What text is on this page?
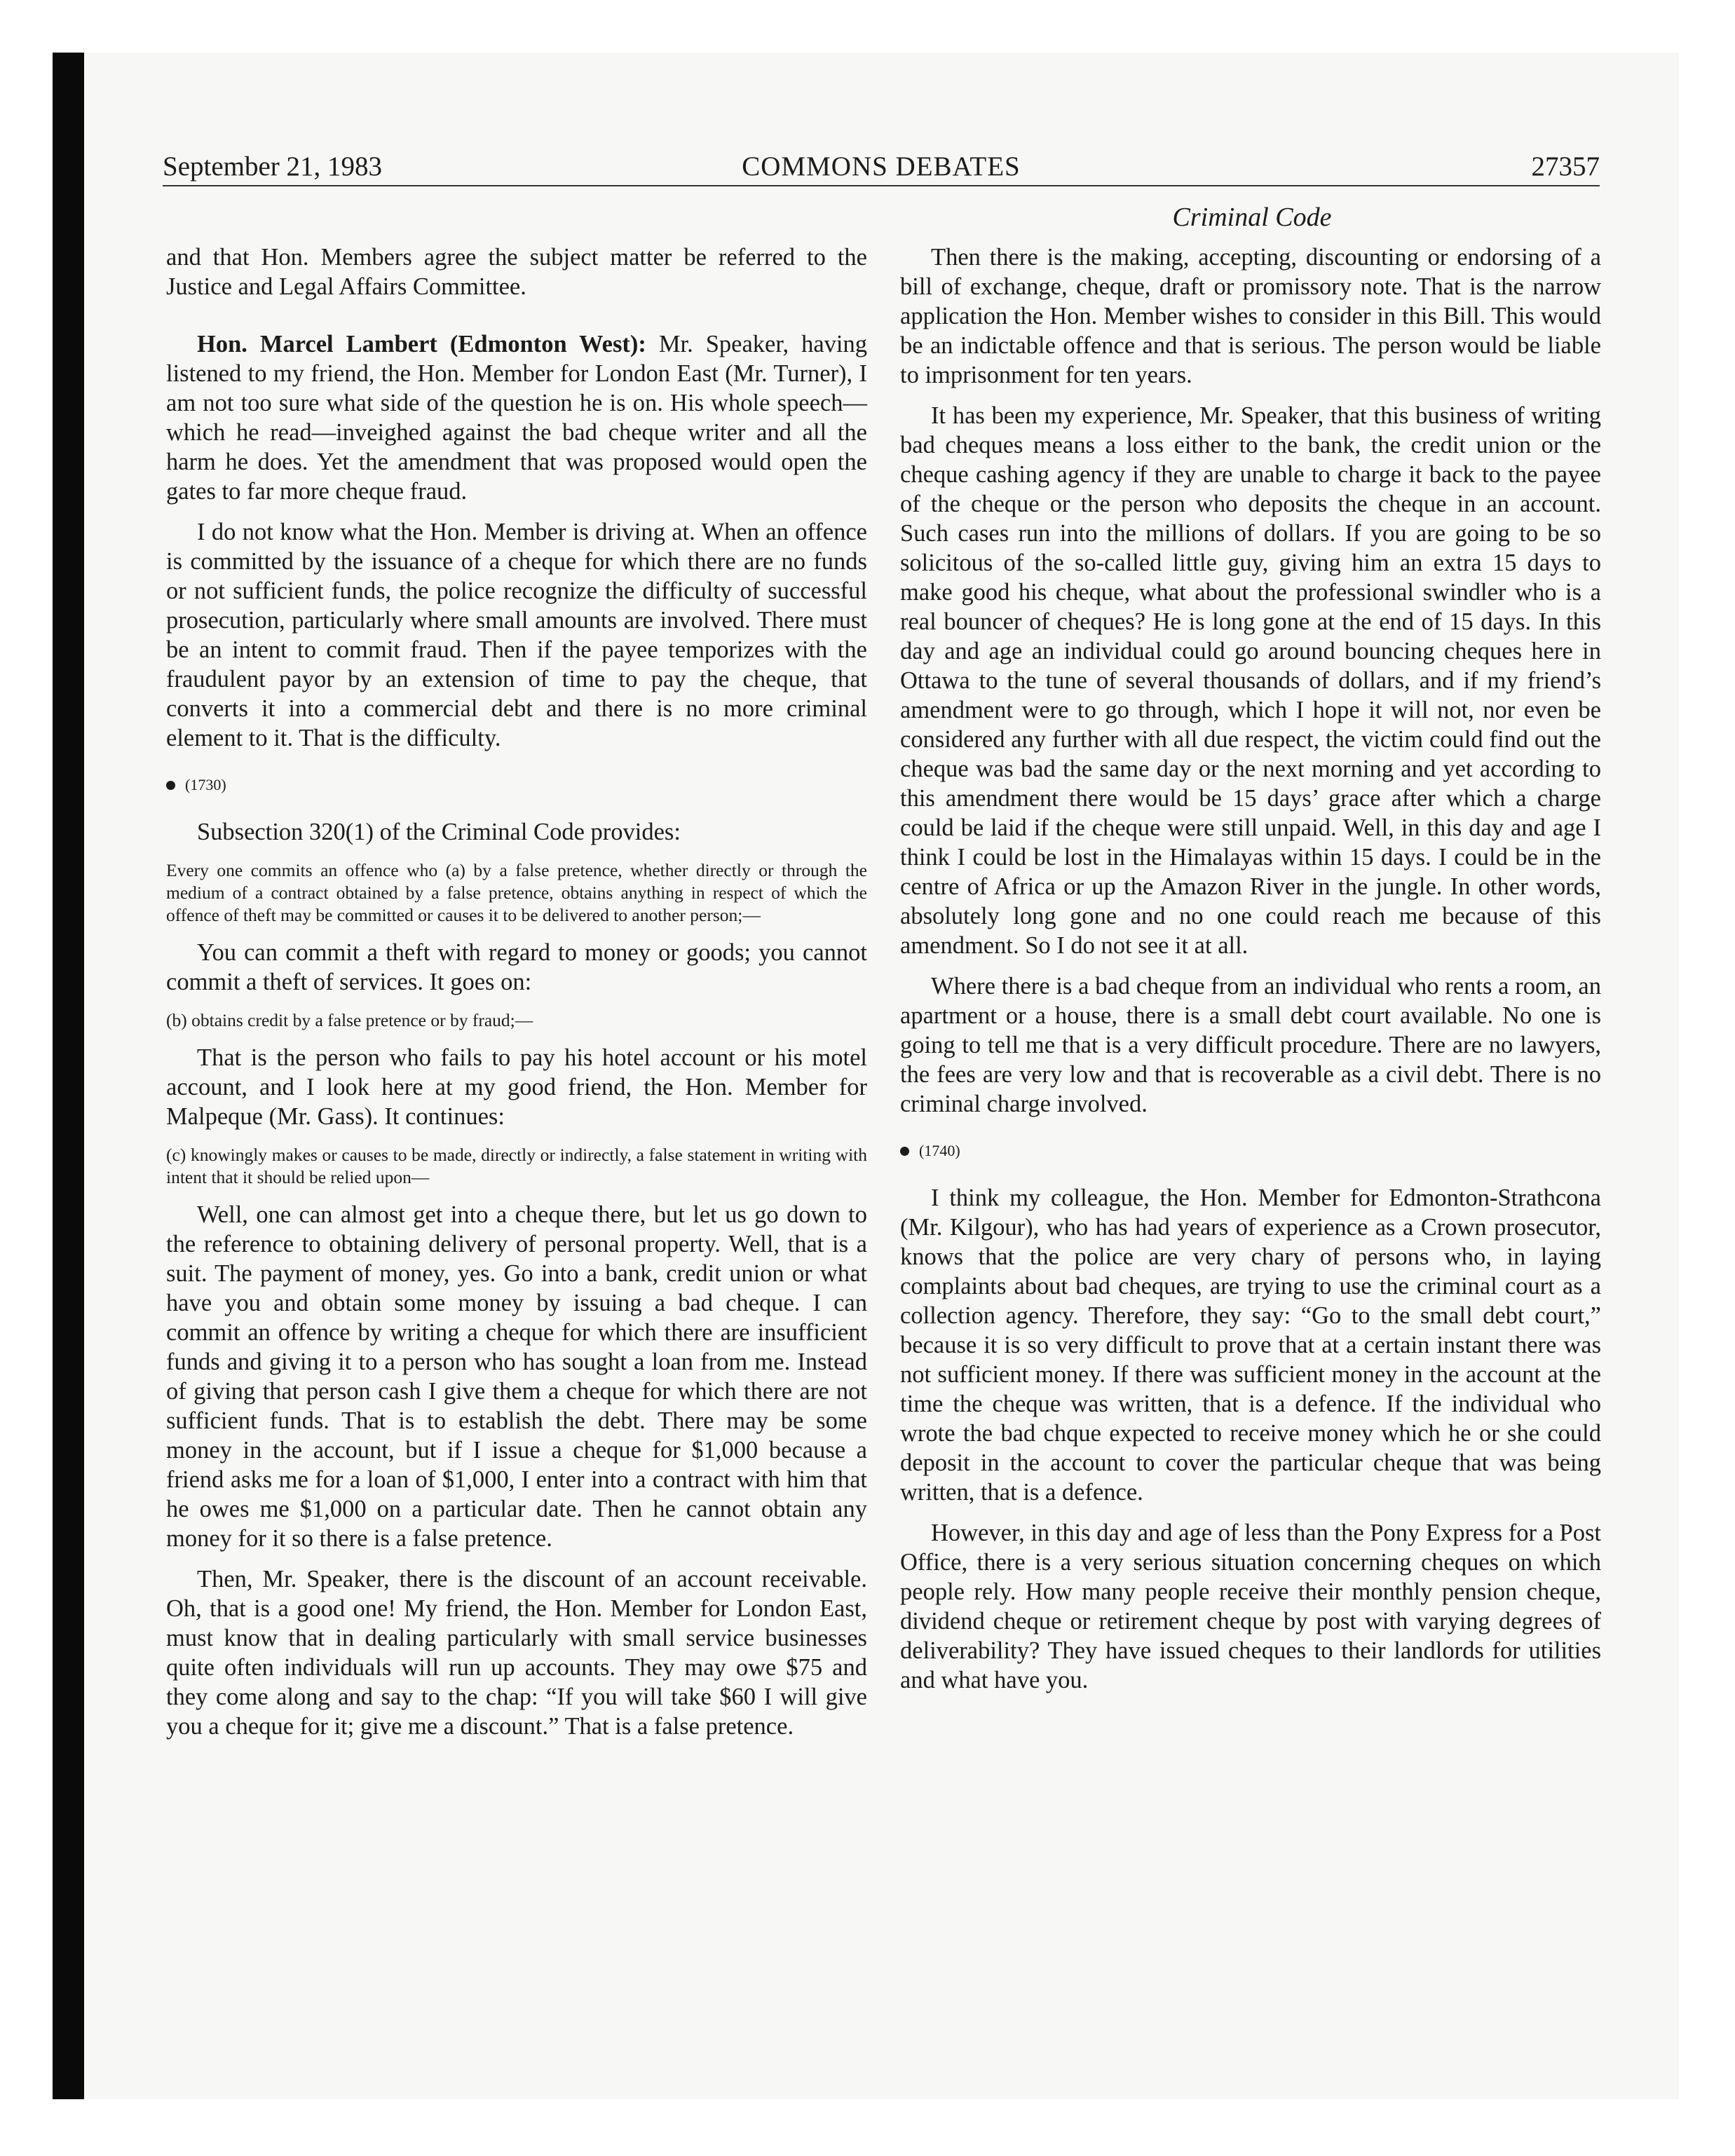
September 21, 1983	COMMONS DEBATES	27357
Criminal Code

and that Hon. Members agree the subject matter be referred to the Justice and Legal Affairs Committee.

Hon. Marcel Lambert (Edmonton West): Mr. Speaker, having listened to my friend, the Hon. Member for London East (Mr. Turner), I am not too sure what side of the question he is on. His whole speech—which he read—inveighed against the bad cheque writer and all the harm he does. Yet the amendment that was proposed would open the gates to far more cheque fraud.

I do not know what the Hon. Member is driving at. When an offence is committed by the issuance of a cheque for which there are no funds or not sufficient funds, the police recognize the difficulty of successful prosecution, particularly where small amounts are involved. There must be an intent to commit fraud. Then if the payee temporizes with the fraudulent payor by an extension of time to pay the cheque, that converts it into a commercial debt and there is no more criminal element to it. That is the difficulty.

(1730)

Subsection 320(1) of the Criminal Code provides:

Every one commits an offence who (a) by a false pretence, whether directly or through the medium of a contract obtained by a false pretence, obtains anything in respect of which the offence of theft may be committed or causes it to be delivered to another person;—

You can commit a theft with regard to money or goods; you cannot commit a theft of services. It goes on:

(b) obtains credit by a false pretence or by fraud;—

That is the person who fails to pay his hotel account or his motel account, and I look here at my good friend, the Hon. Member for Malpeque (Mr. Gass). It continues:

(c) knowingly makes or causes to be made, directly or indirectly, a false statement in writing with intent that it should be relied upon—

Well, one can almost get into a cheque there, but let us go down to the reference to obtaining delivery of personal property. Well, that is a suit. The payment of money, yes. Go into a bank, credit union or what have you and obtain some money by issuing a bad cheque. I can commit an offence by writing a cheque for which there are insufficient funds and giving it to a person who has sought a loan from me. Instead of giving that person cash I give them a cheque for which there are not sufficient funds. That is to establish the debt. There may be some money in the account, but if I issue a cheque for $1,000 because a friend asks me for a loan of $1,000, I enter into a contract with him that he owes me $1,000 on a particular date. Then he cannot obtain any money for it so there is a false pretence.

Then, Mr. Speaker, there is the discount of an account receivable. Oh, that is a good one! My friend, the Hon. Member for London East, must know that in dealing particularly with small service businesses quite often individuals will run up accounts. They may owe $75 and they come along and say to the chap: “If you will take $60 I will give you a cheque for it; give me a discount.” That is a false pretence.

Then there is the making, accepting, discounting or endorsing of a bill of exchange, cheque, draft or promissory note. That is the narrow application the Hon. Member wishes to consider in this Bill. This would be an indictable offence and that is serious. The person would be liable to imprisonment for ten years.

It has been my experience, Mr. Speaker, that this business of writing bad cheques means a loss either to the bank, the credit union or the cheque cashing agency if they are unable to charge it back to the payee of the cheque or the person who deposits the cheque in an account. Such cases run into the millions of dollars. If you are going to be so solicitous of the so-called little guy, giving him an extra 15 days to make good his cheque, what about the professional swindler who is a real bouncer of cheques? He is long gone at the end of 15 days. In this day and age an individual could go around bouncing cheques here in Ottawa to the tune of several thousands of dollars, and if my friend’s amendment were to go through, which I hope it will not, nor even be considered any further with all due respect, the victim could find out the cheque was bad the same day or the next morning and yet according to this amendment there would be 15 days’ grace after which a charge could be laid if the cheque were still unpaid. Well, in this day and age I think I could be lost in the Himalayas within 15 days. I could be in the centre of Africa or up the Amazon River in the jungle. In other words, absolutely long gone and no one could reach me because of this amendment. So I do not see it at all.

Where there is a bad cheque from an individual who rents a room, an apartment or a house, there is a small debt court available. No one is going to tell me that is a very difficult procedure. There are no lawyers, the fees are very low and that is recoverable as a civil debt. There is no criminal charge involved.

(1740)

I think my colleague, the Hon. Member for Edmonton-Strathcona (Mr. Kilgour), who has had years of experience as a Crown prosecutor, knows that the police are very chary of persons who, in laying complaints about bad cheques, are trying to use the criminal court as a collection agency. Therefore, they say: “Go to the small debt court,” because it is so very difficult to prove that at a certain instant there was not sufficient money. If there was sufficient money in the account at the time the cheque was written, that is a defence. If the individual who wrote the bad chque expected to receive money which he or she could deposit in the account to cover the particular cheque that was being written, that is a defence.

However, in this day and age of less than the Pony Express for a Post Office, there is a very serious situation concerning cheques on which people rely. How many people receive their monthly pension cheque, dividend cheque or retirement cheque by post with varying degrees of deliverability? They have issued cheques to their landlords for utilities and what have you.
